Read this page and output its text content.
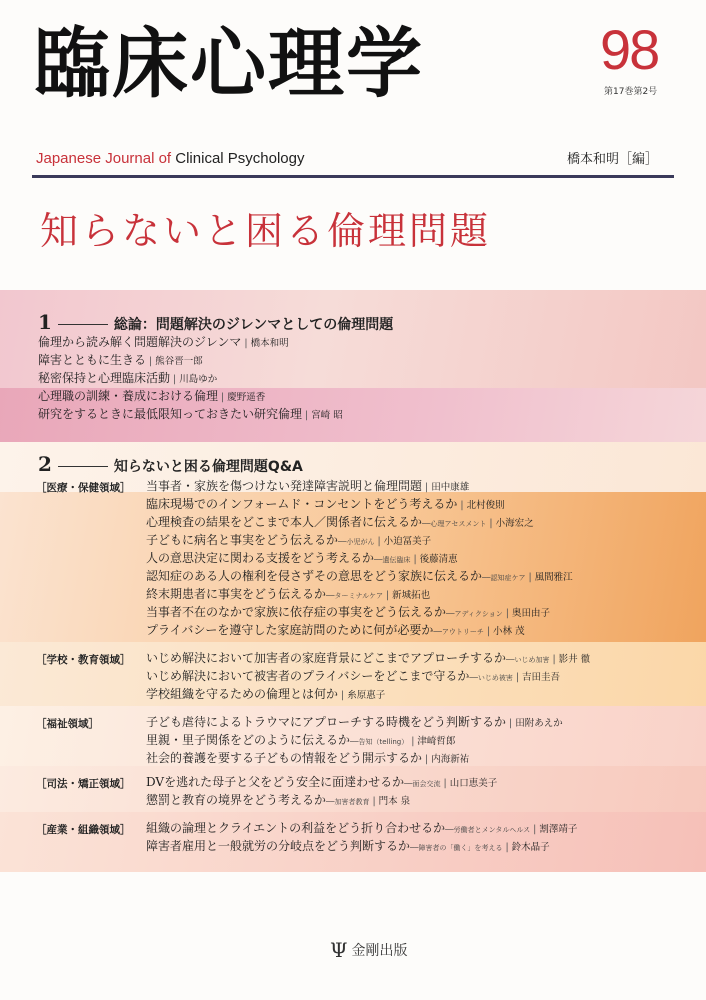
臨床心理学	98
第17巻第2号
Japanese Journal of Clinical Psychology	橋本和明［編］
知らないと困る倫理問題
1	総論：問題解決のジレンマとしての倫理問題
倫理から読み解く問題解決のジレンマ | 橋本和明
障害とともに生きる | 熊谷晋一郎
秘密保持と心理臨床活動 | 川島ゆか
心理職の訓練・養成における倫理 | 慶野遥香
研究をするときに最低限知っておきたい研究倫理 | 宮崎 昭
2	知らないと困る倫理問題Q&A
［医療・保健領域］ 当事者・家族を傷つけない発達障害説明と倫理問題 | 田中康雄
臨床現場でのインフォームド・コンセントをどう考えるか | 北村俊則
心理検査の結果をどこまで本人／関係者に伝えるか──心理アセスメント | 小海宏之
子どもに病名と事実をどう伝えるか──小児がん | 小迫冨美子
人の意思決定に関わる支援をどう考えるか──遺伝臨床 | 後藤清恵
認知症のある人の権利を侵さずその意思をどう家族に伝えるか──認知症ケア | 風間雅江
終末期患者に事実をどう伝えるか──ターミナルケア | 新城拓也
当事者不在のなかで家族に依存症の事実をどう伝えるか──アディクション | 奥田由子
プライバシーを遵守した家庭訪問のために何が必要か──アウトリーチ | 小林 茂
［学校・教育領域］ いじめ解決において加害者の家庭背景にどこまでアプローチするか──いじめ加害 | 影井 徹
いじめ解決において被害者のプライバシーをどこまで守るか──いじめ被害 | 吉田圭吾
学校組織を守るための倫理とは何か | 糸原惠子
［福祉領域］	子ども虐待によるトラウマにアプローチする時機をどう判断するか | 田附あえか
里親・里子関係をどのように伝えるか──告知（telling） | 津崎哲郎
社会的養護を要する子どもの情報をどう開示するか | 内海新祐
［司法・矯正領域］ DVを逃れた母子と父をどう安全に面達わせるか──面会交流 | 山口恵美子
懲罰と教育の境界をどう考えるか──加害者教育 | 門本 泉
［産業・組織領域］ 組織の論理とクライエントの利益をどう折り合わせるか──労働者とメンタルヘルス | 割澤靖子
障害者雇用と一般就労の分岐点をどう判断するか──障害者の「働く」を考える | 鈴木晶子
Ψ 金剛出版
